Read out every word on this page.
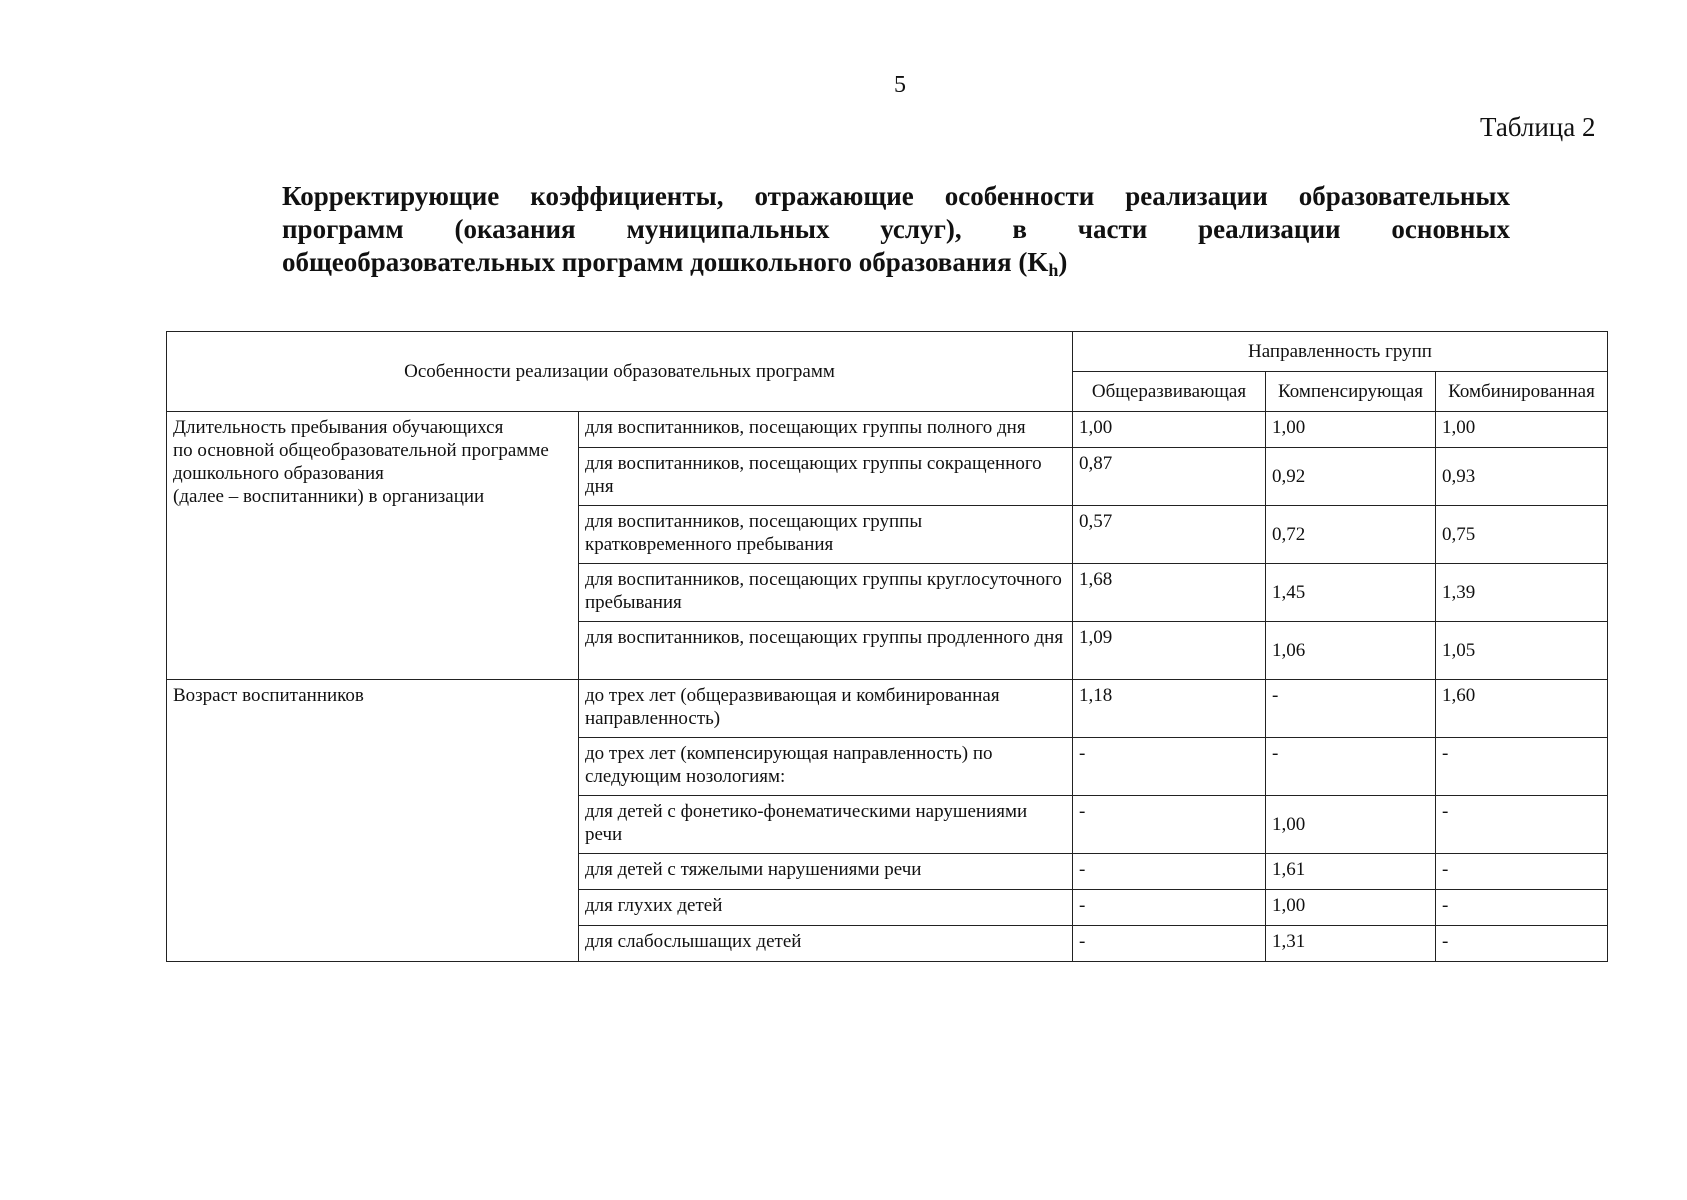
5
Таблица 2
Корректирующие коэффициенты, отражающие особенности реализации образовательных
программ (оказания муниципальных услуг), в части реализации основных
общеобразовательных программ дошкольного образования $(K_h)$
Особенности реализации образовательных программ		Направленность групп		
		Общеразвивающая	Компенсирующая	Комбинированная
Длительность пребывания обучающихся
по основной общеобразовательной программе
дошкольного образования
(далее – воспитанники) в организации	для воспитанников, посещающих группы полного дня	1,00	1,00	1,00
	для воспитанников, посещающих группы сокращенного дня	0,87	0,92	0,93
	для воспитанников, посещающих группы кратковременного пребывания	0,57	0,72	0,75
	для воспитанников, посещающих группы круглосуточного пребывания	1,68	1,45	1,39
	для воспитанников, посещающих группы продленного дня	1,09	1,06	1,05
Возраст воспитанников	до трех лет (общеразвивающая и комбинированная направленность)	1,18	-	1,60
	до трех лет (компенсирующая направленность) по следующим нозологиям:	-	-	-
	для детей с фонетико-фонематическими нарушениями речи	-	1,00	-
	для детей с тяжелыми нарушениями речи	-	1,61	-
	для глухих детей	-	1,00	-
	для слабослышащих детей	-	1,31	-
